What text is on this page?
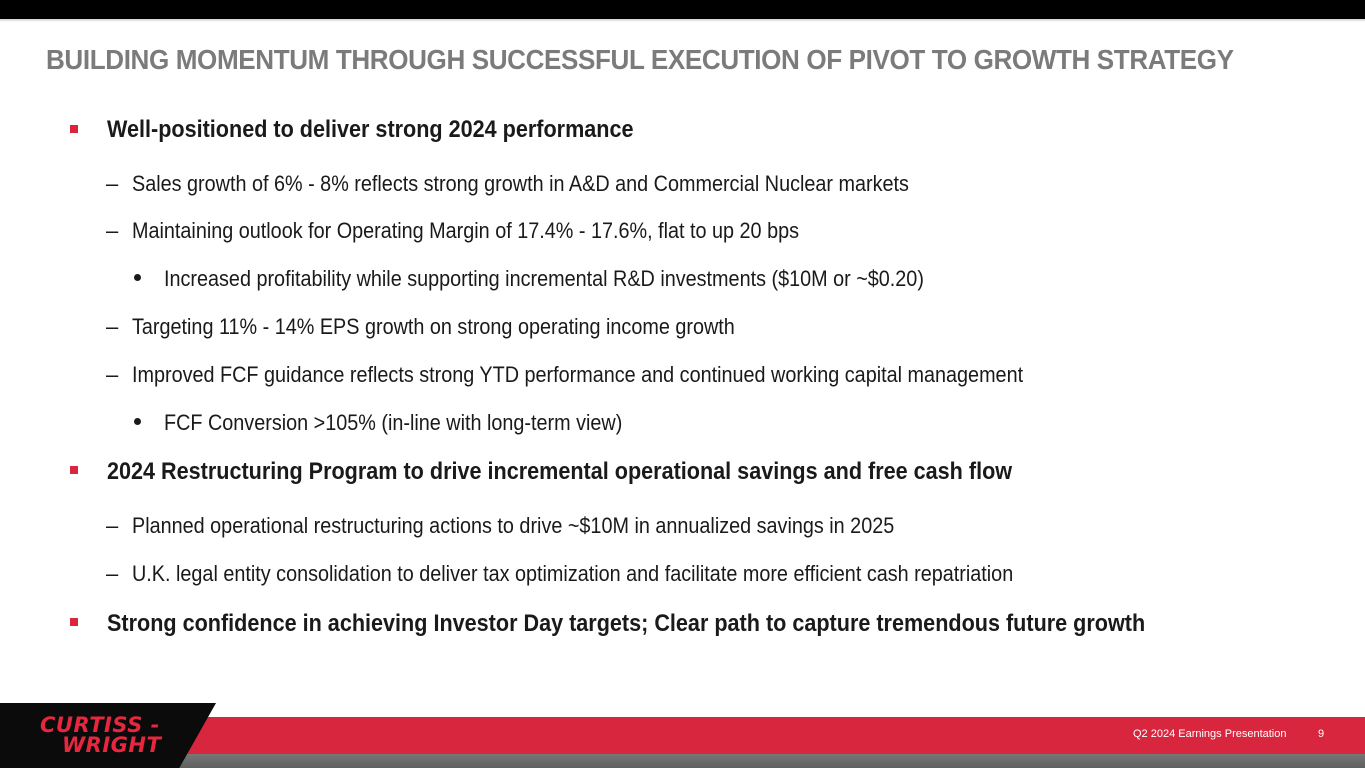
BUILDING MOMENTUM THROUGH SUCCESSFUL EXECUTION OF PIVOT TO GROWTH STRATEGY
Well-positioned to deliver strong 2024 performance
– Sales growth of 6% - 8% reflects strong growth in A&D and Commercial Nuclear markets
– Maintaining outlook for Operating Margin of 17.4% - 17.6%, flat to up 20 bps
Increased profitability while supporting incremental R&D investments ($10M or ~$0.20)
– Targeting 11% - 14% EPS growth on strong operating income growth
– Improved FCF guidance reflects strong YTD performance and continued working capital management
FCF Conversion >105% (in-line with long-term view)
2024 Restructuring Program to drive incremental operational savings and free cash flow
– Planned operational restructuring actions to drive ~$10M in annualized savings in 2025
– U.K. legal entity consolidation to deliver tax optimization and facilitate more efficient cash repatriation
Strong confidence in achieving Investor Day targets; Clear path to capture tremendous future growth
CURTISS -
WRIGHT	Q2 2024 Earnings Presentation	9
